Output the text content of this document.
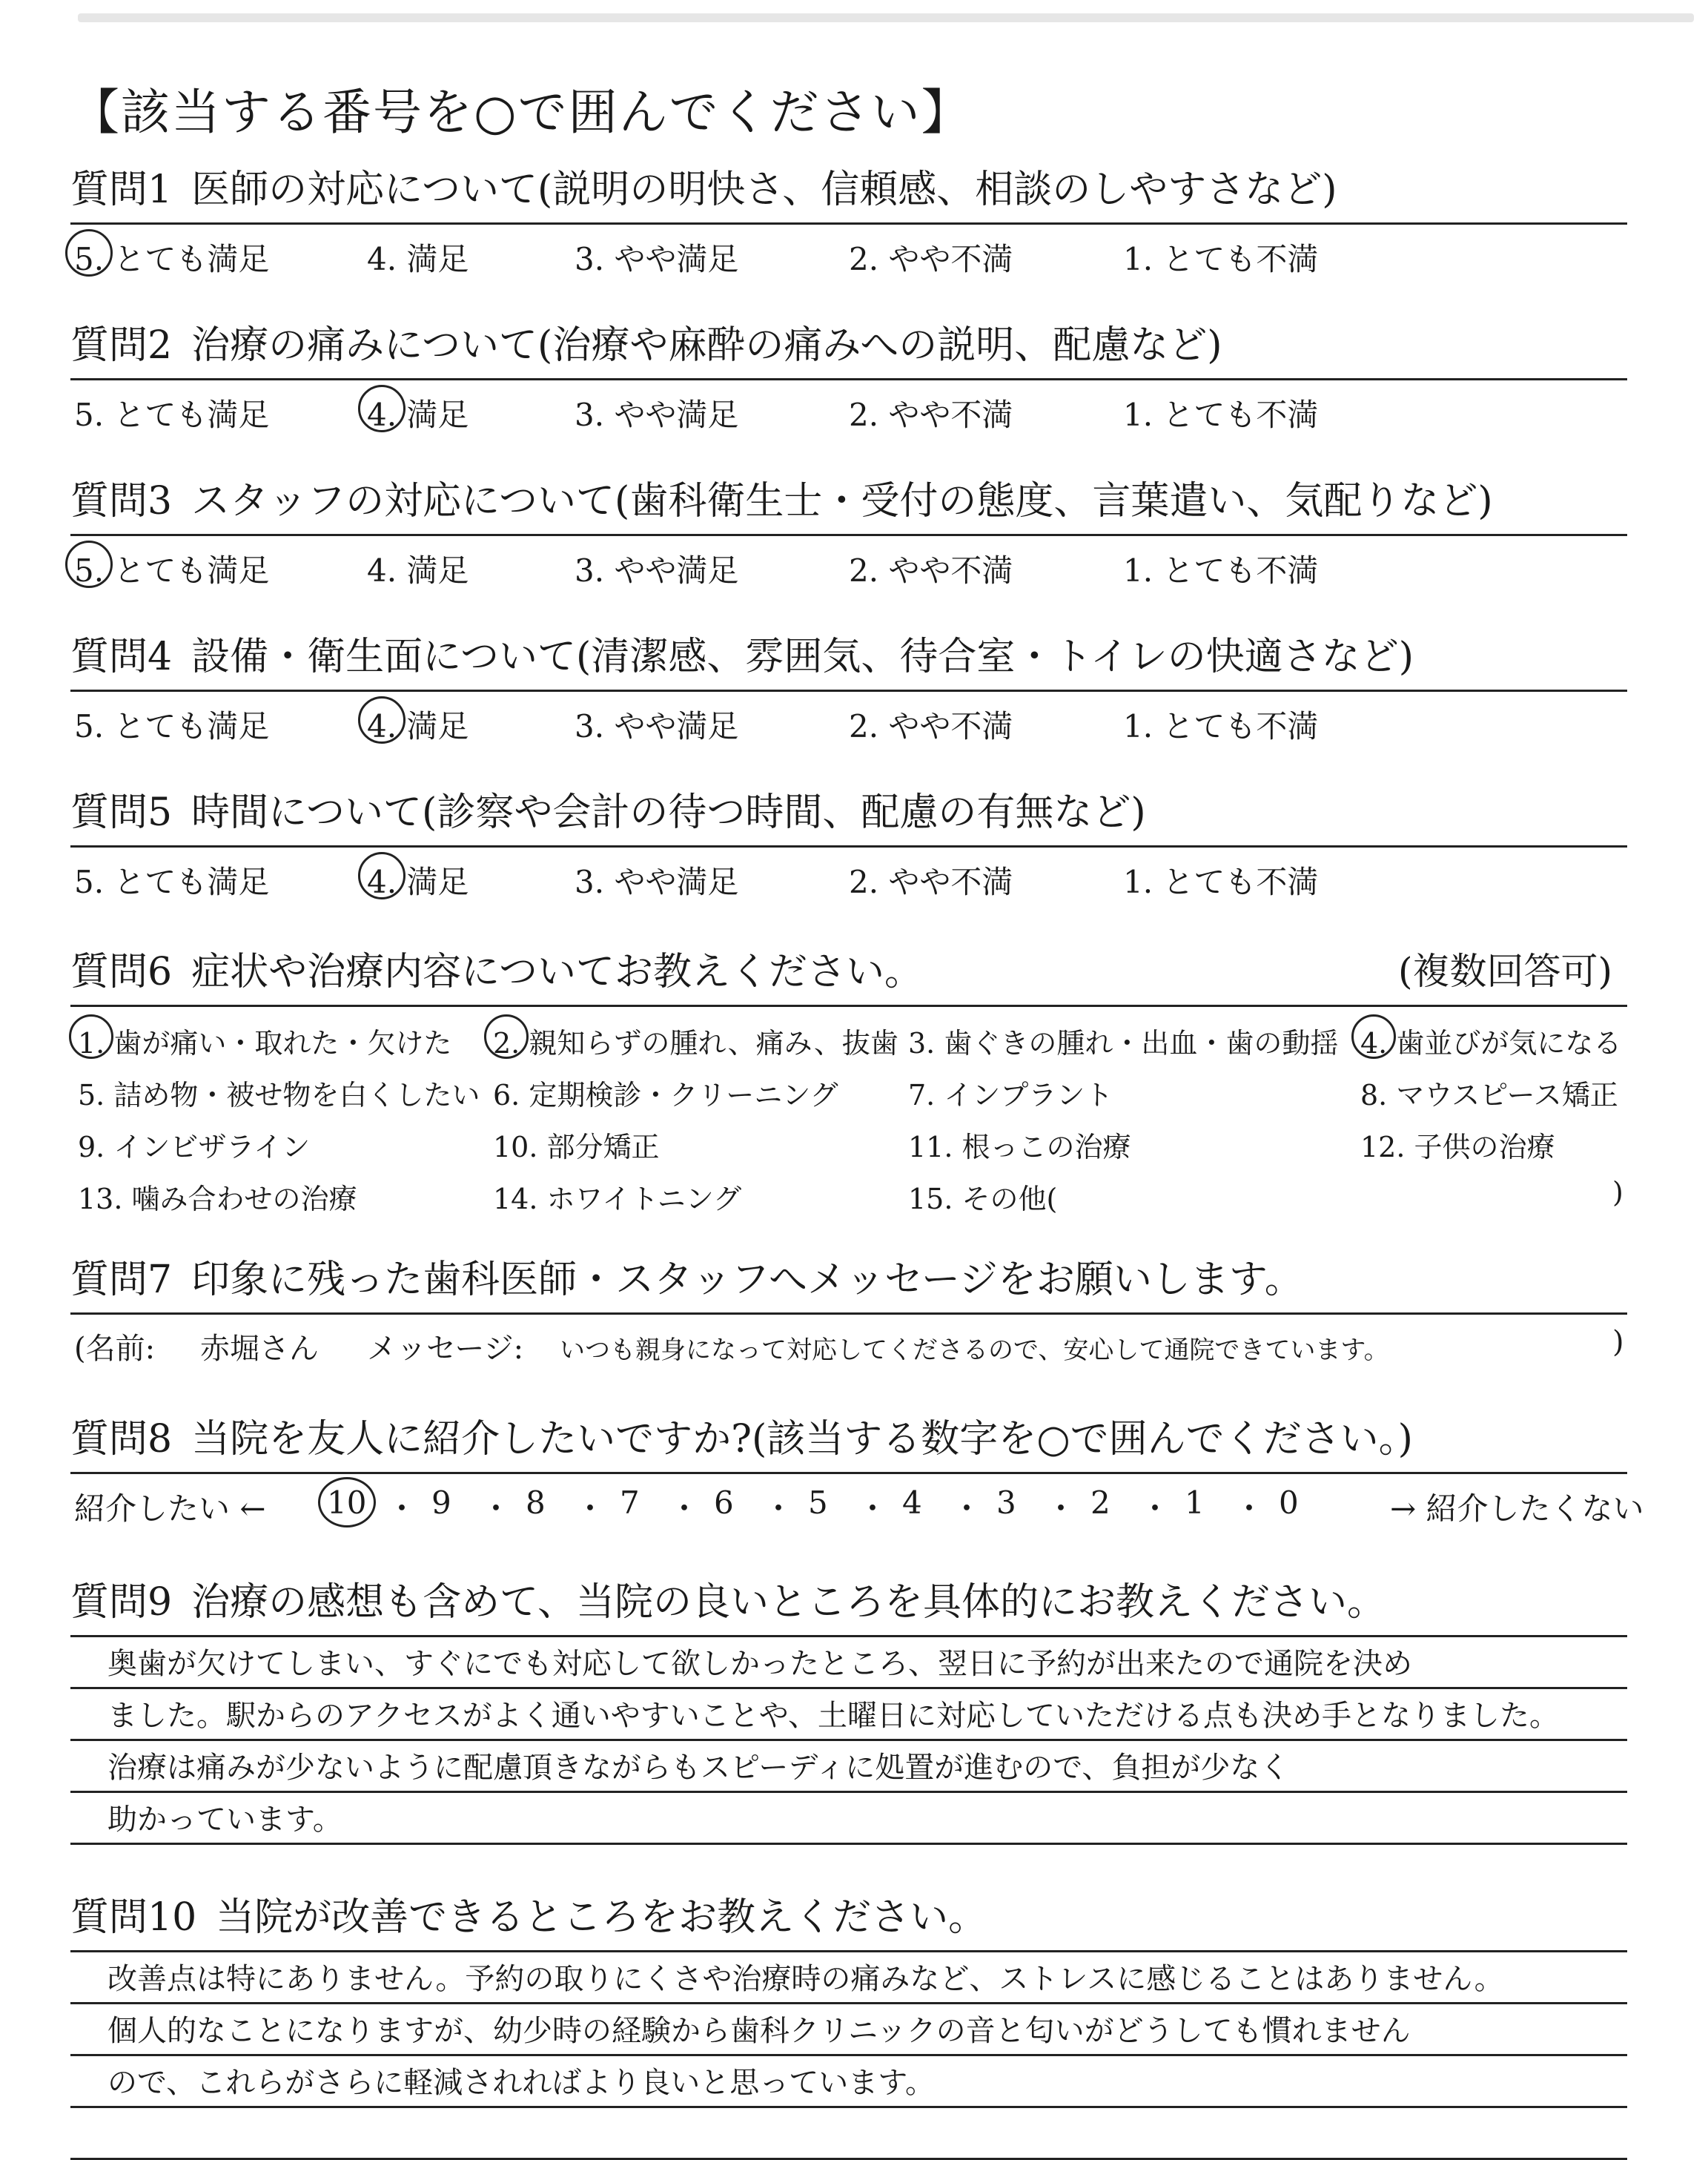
【該当する番号を○で囲んでください】
質問1 医師の対応について(説明の明快さ、信頼感、相談のしやすさなど)
5. とても満足	4. 満足	3. やや満足	2. やや不満	1. とても不満
質問2 治療の痛みについて(治療や麻酔の痛みへの説明、配慮など)
5. とても満足	4. 満足	3. やや満足	2. やや不満	1. とても不満
質問3 スタッフの対応について(歯科衛生士・受付の態度、言葉遣い、気配りなど)
5. とても満足	4. 満足	3. やや満足	2. やや不満	1. とても不満
質問4 設備・衛生面について(清潔感、雰囲気、待合室・トイレの快適さなど)
5. とても満足	4. 満足	3. やや満足	2. やや不満	1. とても不満
質問5 時間について(診察や会計の待つ時間、配慮の有無など)
5. とても満足	4. 満足	3. やや満足	2. やや不満	1. とても不満
質問6 症状や治療内容についてお教えください。	(複数回答可)
1. 歯が痛い・取れた・欠けた 2. 親知らずの腫れ、痛み、抜歯 3. 歯ぐきの腫れ・出血・歯の動揺 4. 歯並びが気になる
5. 詰め物・被せ物を白くしたい 6. 定期検診・クリーニング 7. インプラント	8. マウスピース矯正
9. インビザライン	10. 部分矯正	11. 根っこの治療	12. 子供の治療
13. 噛み合わせの治療	14. ホワイトニング	15. その他(	)
質問7 印象に残った歯科医師・スタッフへメッセージをお願いします。
(名前: 赤堀さん メッセージ: いつも親身になって対応してくださるので、安心して通院できています。	)
質問8 当院を友人に紹介したいですか?(該当する数字を○で囲んでください。)
紹介したい ←	→ 紹介したくない
10 ・ 9 ・ 8 ・ 7 ・ 6 ・ 5 ・ 4 ・ 3 ・ 2 ・ 1 ・ 0
質問9 治療の感想も含めて、当院の良いところを具体的にお教えください。
奥歯が欠けてしまい、すぐにでも対応して欲しかったところ、翌日に予約が出来たので通院を決め
ました。駅からのアクセスがよく通いやすいことや、土曜日に対応していただける点も決め手となりました。
治療は痛みが少ないように配慮頂きながらもスピーディに処置が進むので、負担が少なく
助かっています。
質問10 当院が改善できるところをお教えください。
改善点は特にありません。予約の取りにくさや治療時の痛みなど、ストレスに感じることはありません。
個人的なことになりますが、幼少時の経験から歯科クリニックの音と匂いがどうしても慣れません
ので、これらがさらに軽減されればより良いと思っています。
